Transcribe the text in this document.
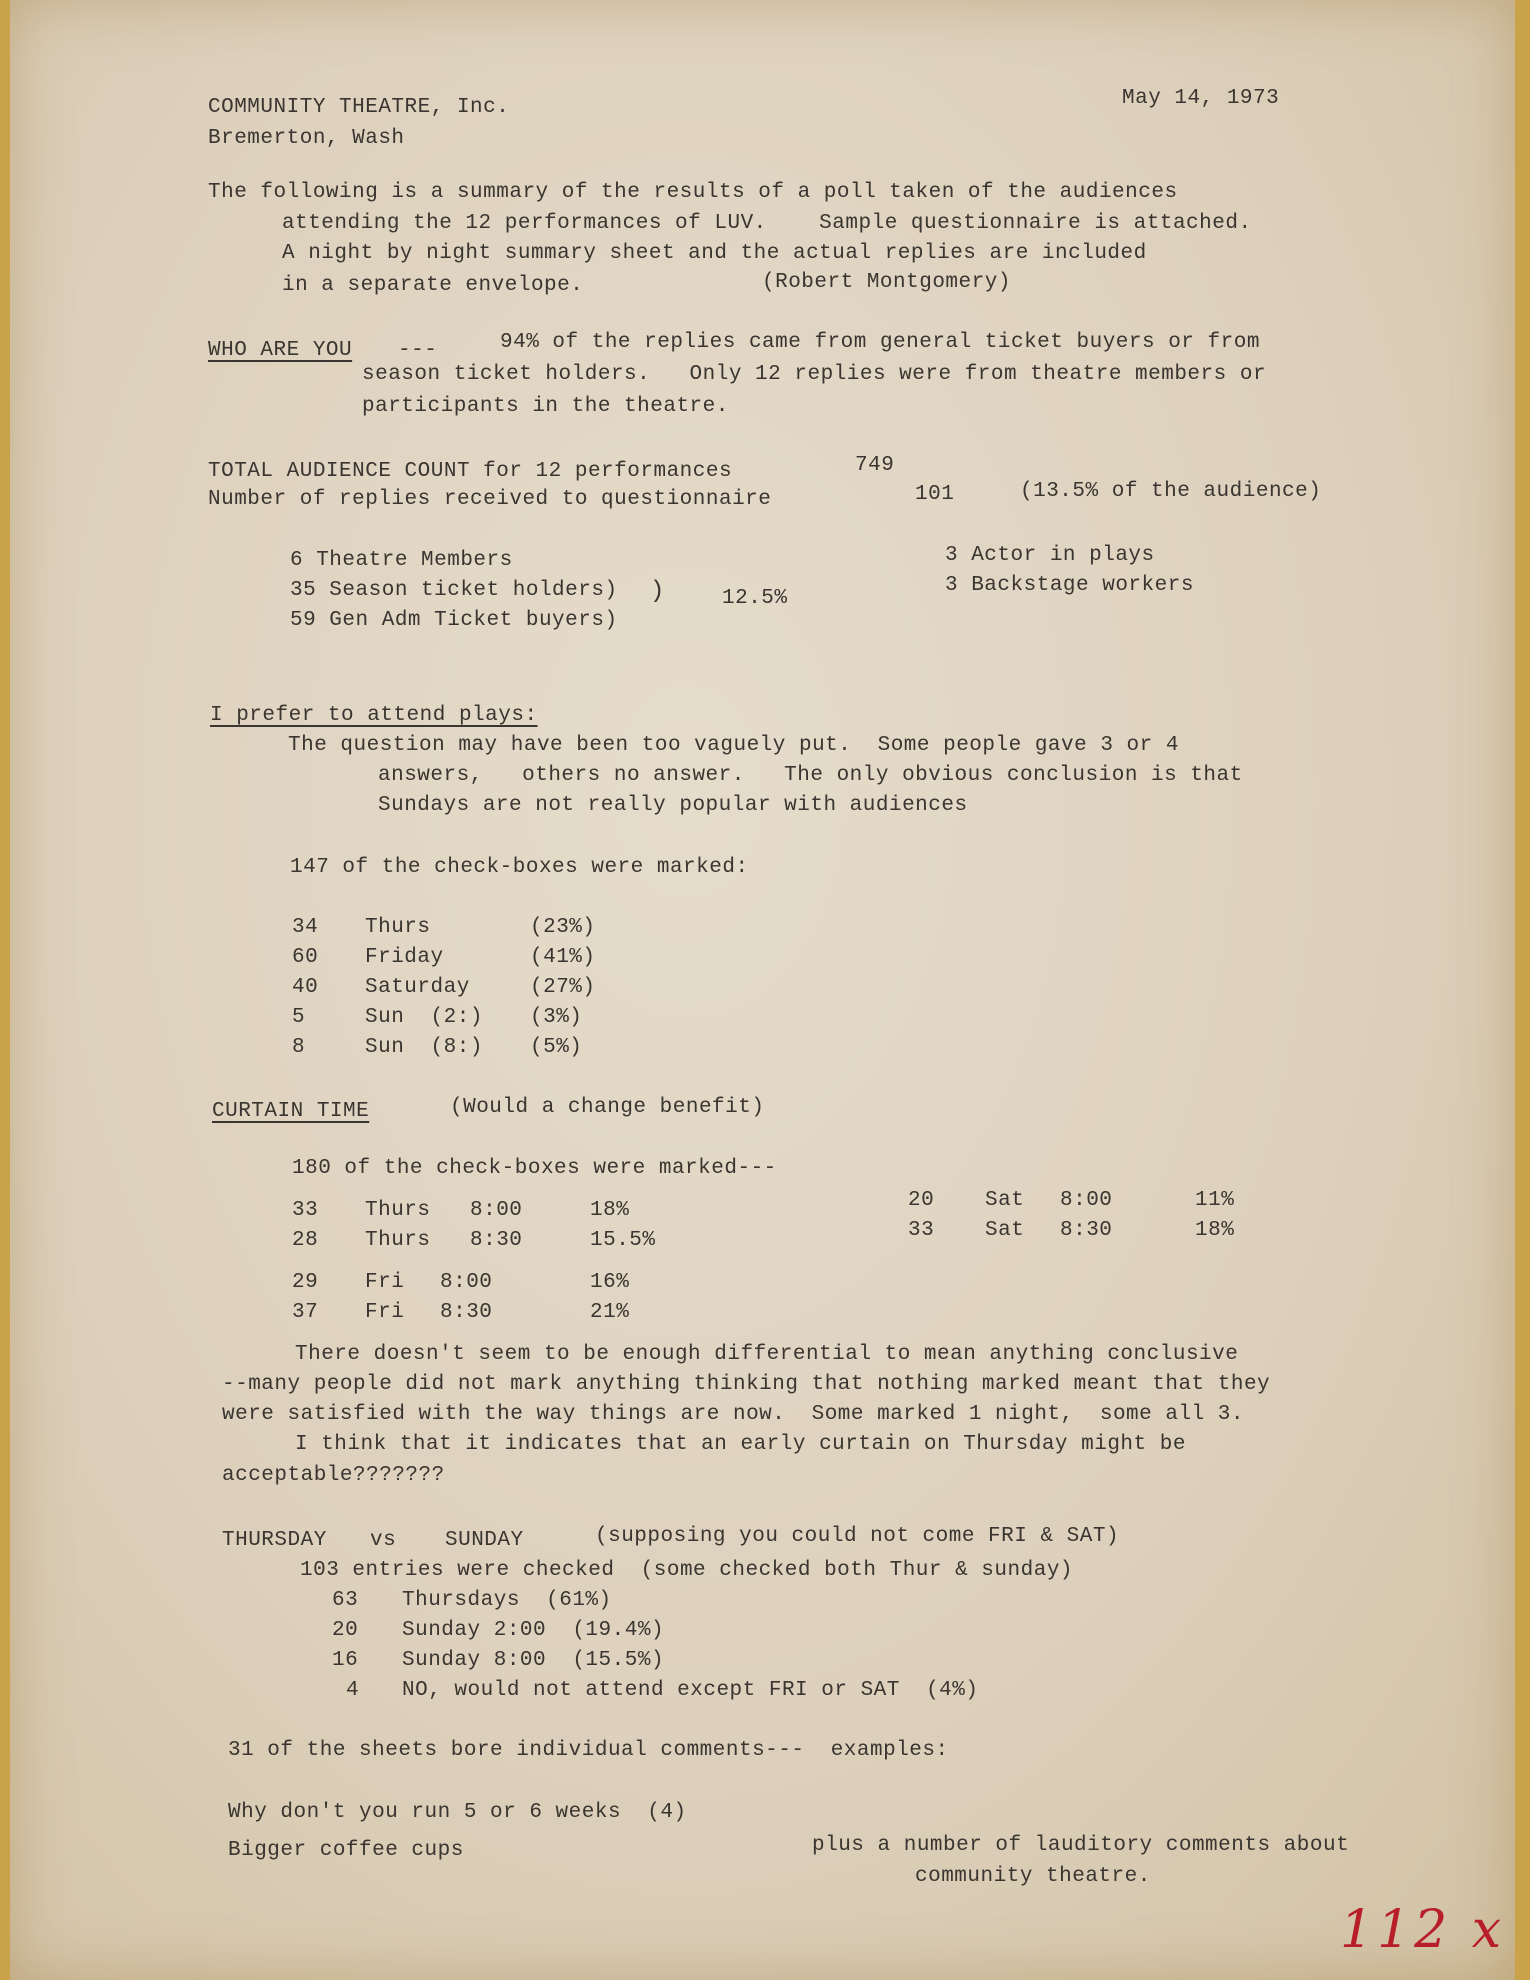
COMMUNITY THEATRE, Inc.
Bremerton, Wash
May 14, 1973
The following is a summary of the results of a poll taken of the audiences
attending the 12 performances of LUV.    Sample questionnaire is attached.
A night by night summary sheet and the actual replies are included
in a separate envelope.	(Robert Montgomery)
WHO ARE YOU ---	94% of the replies came from general ticket buyers or from
season ticket holders.   Only 12 replies were from theatre members or
participants in the theatre.
TOTAL AUDIENCE COUNT for 12 performances	749
Number of replies received to questionnaire	101	(13.5% of the audience)
6 Theatre Members
35 Season ticket holders)
59 Gen Adm Ticket buyers)
)	12.5%
3 Actor in plays
3 Backstage workers
I prefer to attend plays:
The question may have been too vaguely put.  Some people gave 3 or 4
answers,   others no answer.   The only obvious conclusion is that
Sundays are not really popular with audiences
147 of the check-boxes were marked:
34 Thurs	(23%)
60 Friday	(41%)
40 Saturday	(27%)
5	Sun  (2:) (3%)
8	Sun  (8:) (5%)
CURTAIN TIME	(Would a change benefit)
180 of the check-boxes were marked---
33 Thurs 8:00	18%
28 Thurs 8:30	15.5%
29 Fri 8:00	16%
37 Fri 8:30	21%
20 Sat 8:00	11%
33 Sat 8:30	18%
There doesn't seem to be enough differential to mean anything conclusive
--many people did not mark anything thinking that nothing marked meant that they
were satisfied with the way things are now.  Some marked 1 night,  some all 3.
I think that it indicates that an early curtain on Thursday might be
acceptable???????
THURSDAY vs SUNDAY	(supposing you could not come FRI & SAT)
103 entries were checked  (some checked both Thur & sunday)
63 Thursdays  (61%)
20 Sunday 2:00  (19.4%)
16 Sunday 8:00  (15.5%)
4 NO, would not attend except FRI or SAT  (4%)
31 of the sheets bore individual comments---  examples:
Why don't you run 5 or 6 weeks  (4)
Bigger coffee cups	plus a number of lauditory comments about
community theatre.
112 x
